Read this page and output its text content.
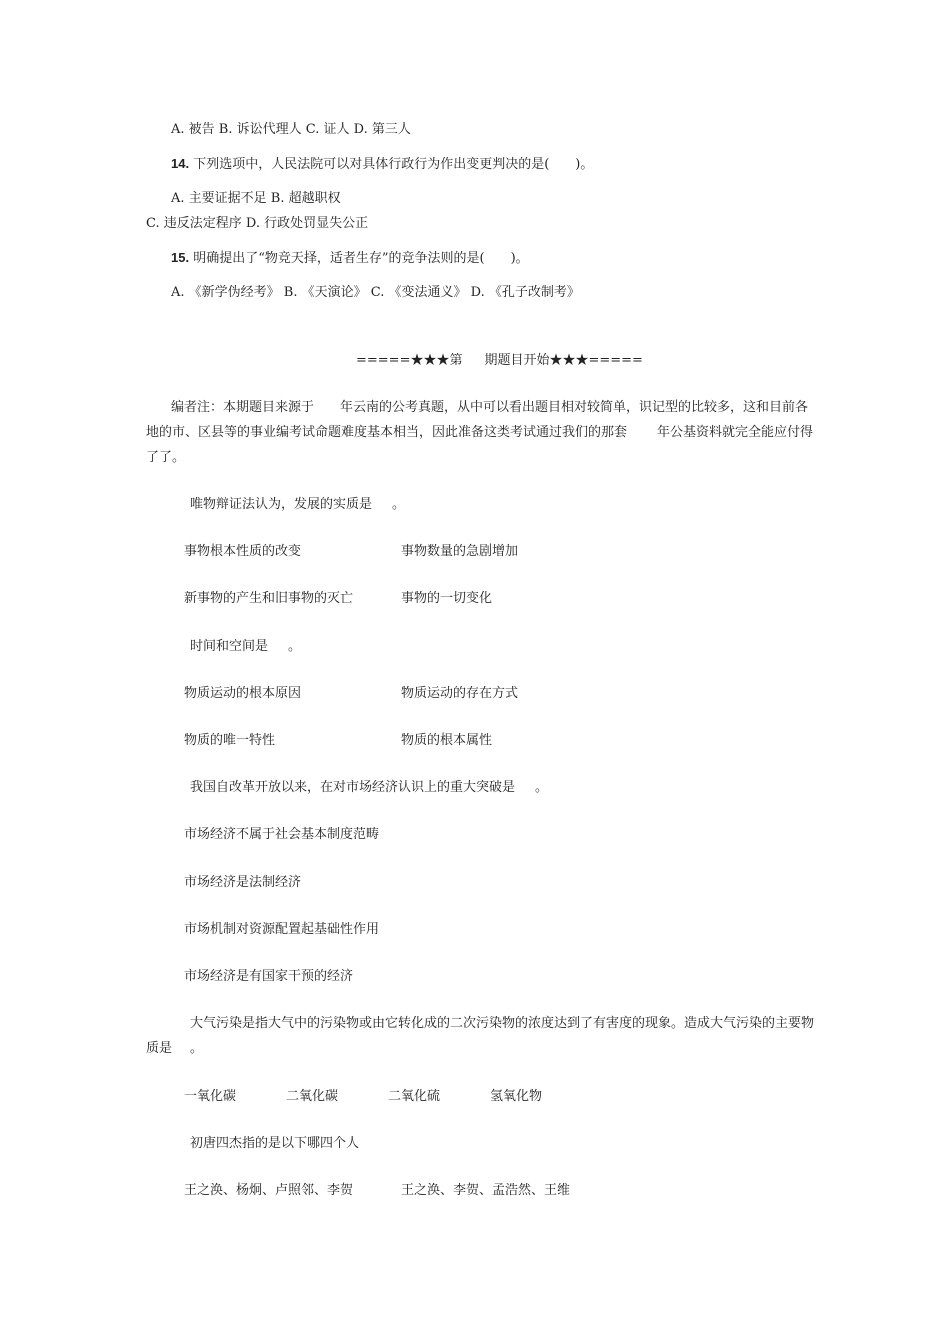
A. 被告 B. 诉讼代理人 C. 证人 D. 第三人
14. 下列选项中，人民法院可以对具体行政行为作出变更判决的是(　　)。
A. 主要证据不足 B. 超越职权
C. 违反法定程序 D. 行政处罚显失公正
15. 明确提出了“物竞天择，适者生存”的竞争法则的是(　　)。
A. 《新学伪经考》 B. 《天演论》 C. 《变法通义》 D. 《孔子改制考》
=====★★★第 期题目开始★★★=====
编者注：本期题目来源于 年云南的公考真题，从中可以看出题目相对较简单，识记型的比较多，这和目前各
地的市、区县等的事业编考试命题难度基本相当，因此准备这类考试通过我们的那套 年公基资料就完全能应付得
了了。
唯物辩证法认为，发展的实质是 。
事物根本性质的改变	事物数量的急剧增加
新事物的产生和旧事物的灭亡	事物的一切变化
时间和空间是 。
物质运动的根本原因	物质运动的存在方式
物质的唯一特性	物质的根本属性
我国自改革开放以来，在对市场经济认识上的重大突破是 。
市场经济不属于社会基本制度范畴
市场经济是法制经济
市场机制对资源配置起基础性作用
市场经济是有国家干预的经济
大气污染是指大气中的污染物或由它转化成的二次污染物的浓度达到了有害度的现象。造成大气污染的主要物
质是 。
一氧化碳	二氧化碳	二氧化硫	氢氧化物
初唐四杰指的是以下哪四个人
王之涣、杨炯、卢照邻、李贺	王之涣、李贺、孟浩然、王维
